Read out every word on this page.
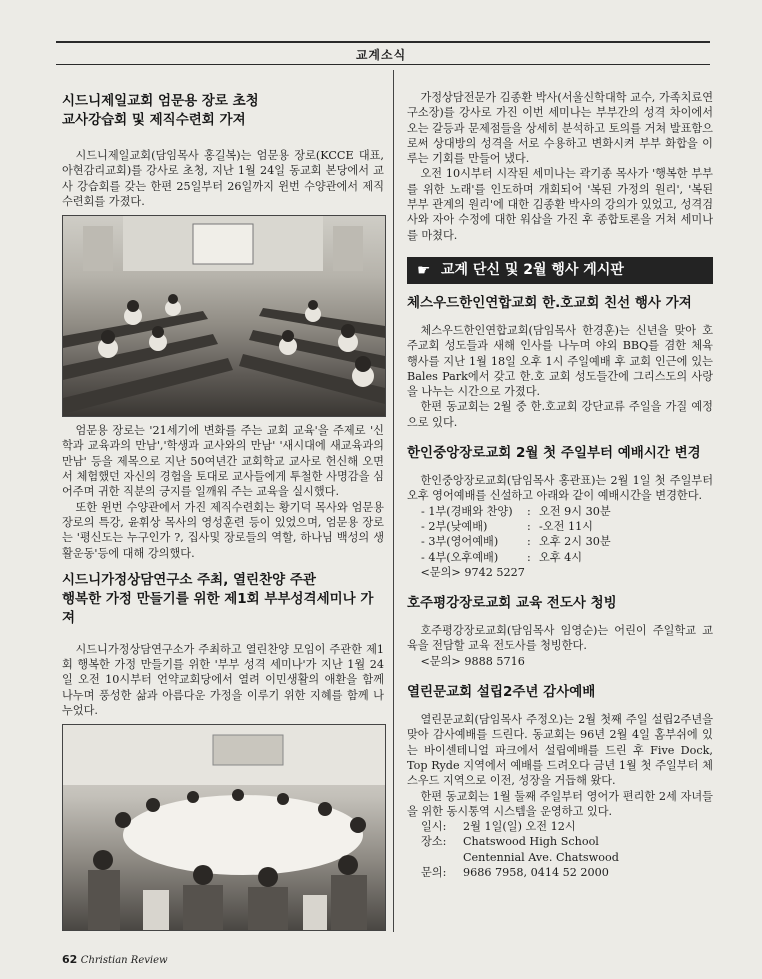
교계소식
시드니제일교회 엄문용 장로 초청
교사강습회 및 제직수련회 가져

시드니제일교회(담임목사 홍길복)는 엄문용 장로(KCCE 대표,아현감리교회)를 강사로 초청, 지난 1월 24일 동교회 본당에서 교사 강습회를 갖는 한편 25일부터 26일까지 윈번 수양관에서 제직수련회를 가졌다.

엄문용 장로는 '21세기에 변화를 주는 교회 교육'을 주제로 '신학과 교육과의 만남','학생과 교사와의 만남' '새시대에 새교육과의 만남' 등을 제목으로 지난 50여년간 교회학교 교사로 헌신해 오면서 체험했던 자신의 경험을 토대로 교사들에게 투철한 사명감을 심어주며 귀한 직분의 긍지를 일깨워 주는 교육을 실시했다.

또한 윈번 수양관에서 가진 제직수련회는 황기덕 목사와 엄문용 장로의 특강, 윤휘상 목사의 영성훈련 등이 있었으며, 엄문용 장로는 '평신도는 누구인가 ?, 집사및 장로들의 역할, 하나님 백성의 생활운동'등에 대해 강의했다.

시드니가정상담연구소 주최, 열린찬양 주관
행복한 가정 만들기를 위한 제1회 부부성격세미나 가져

시드니가정상담연구소가 주최하고 열린찬양 모임이 주관한 제1회 행복한 가정 만들기를 위한 '부부 성격 세미나'가 지난 1월 24일 오전 10시부터 언약교회당에서 열려 이민생활의 애환을 함께 나누며 풍성한 삶과 아름다운 가정을 이루기 위한 지혜를 함께 나누었다.

가정상담전문가 김종환 박사(서울신학대학 교수, 가족치료연구소장)를 강사로 가진 이번 세미나는 부부간의 성격 차이에서 오는 갈등과 문제점들을 상세히 분석하고 토의를 거쳐 발표함으로써 상대방의 성격을 서로 수용하고 변화시켜 부부 화합을 이루는 기회를 만들어 냈다.

오전 10시부터 시작된 세미나는 곽기종 목사가 '행복한 부부를 위한 노래'를 인도하며 개회되어 '복된 가정의 원리', '복된 부부 관계의 원리'에 대한 김종환 박사의 강의가 있었고, 성격검사와 자아 수정에 대한 워삽을 가진 후 종합토론을 거쳐 세미나를 마쳤다.

☛ 교계 단신 및 2월 행사 게시판
체스우드한인연합교회 한.호교회 친선 행사 가져

체스우드한인연합교회(담임목사 한경훈)는 신년을 맞아 호주교회 성도들과 새해 인사를 나누며 야외 BBQ를 겸한 체육 행사를 지난 1월 18일 오후 1시 주일예배 후 교회 인근에 있는 Bales Park에서 갖고 한.호 교회 성도들간에 그리스도의 사랑을 나누는 시간으로 가졌다.

한편 동교회는 2월 중 한.호교회 강단교류 주일을 가질 예정으로 있다.

한인중앙장로교회 2월 첫 주일부터 예배시간 변경

한인중앙장로교회(담임목사 홍관표)는 2월 1일 첫 주일부터 오후 영어예배를 신설하고 아래와 같이 예배시간을 변경한다.

- 1부(경배와 찬양)	: 오전 9시 30분
- 2부(낮예배)	: -오전 11시
- 3부(영어예배)	: 오후 2시 30분
- 4부(오후예배)	: 오후 4시

<문의> 9742 5227

호주평강장로교회 교육 전도사 청빙

호주평강장로교회(담임목사 임영순)는 어린이 주일학교 교육을 전담할 교육 전도사를 청빙한다.

<문의> 9888 5716

열린문교회 설립2주년 감사예배

열린문교회(담임목사 주정오)는 2월 첫째 주일 설립2주년을 맞아 감사예배를 드린다. 동교회는 96년 2월 4일 홈부쉬에 있는 바이센테니얼 파크에서 설립예배를 드린 후 Five Dock, Top Ryde 지역에서 예배를 드려오다 금년 1월 첫 주일부터 체스우드 지역으로 이전, 성장을 거듭해 왔다.

한편 동교회는 1월 둘째 주일부터 영어가 편리한 2세 자녀들을 위한 동시통역 시스템을 운영하고 있다.

일시:	2월 1일(일) 오전 12시
장소:	Chatswood High School
Centennial Ave. Chatswood
문의:	9686 7958, 0414 52 2000
62 Christian Review
